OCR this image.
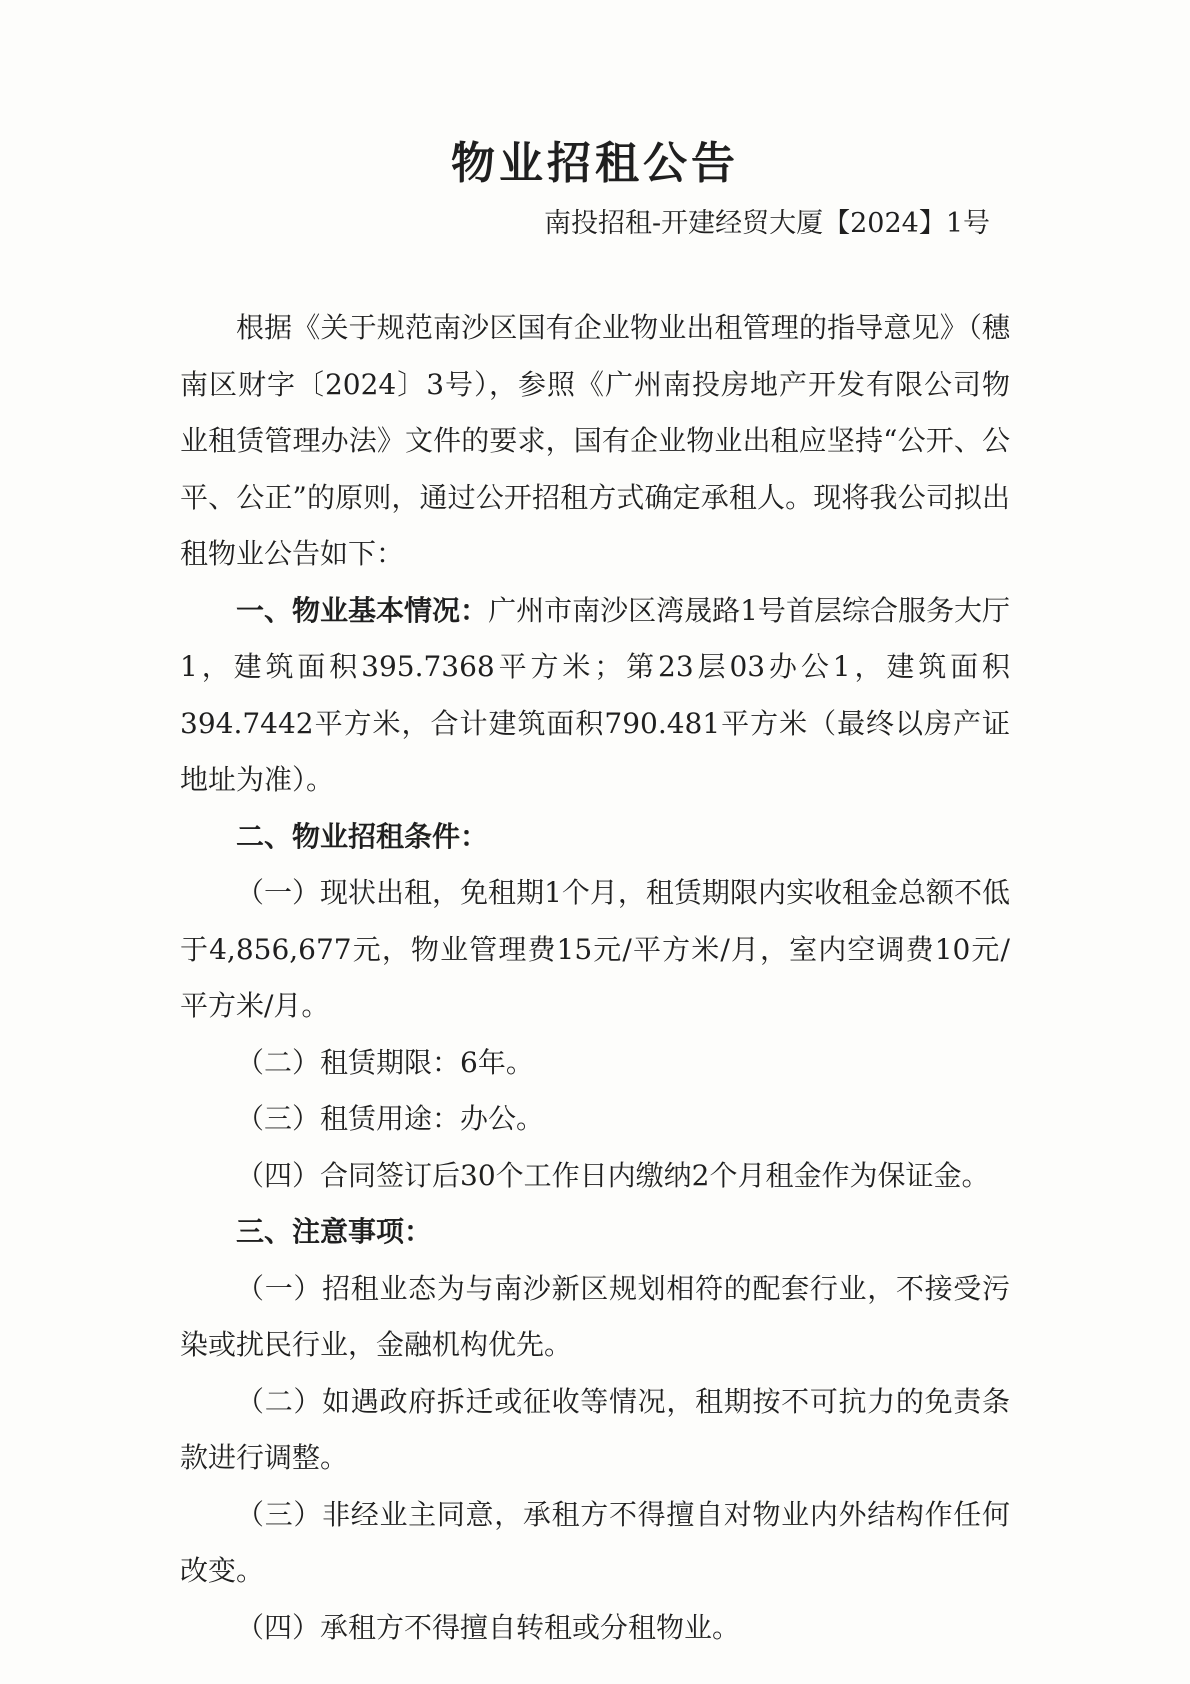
物业招租公告
南投招租-开建经贸大厦【2024】1号

根据《关于规范南沙区国有企业物业出租管理的指导意见》（穗南区财字〔2024〕3号），参照《广州南投房地产开发有限公司物业租赁管理办法》文件的要求，国有企业物业出租应坚持“公开、公平、公正”的原则，通过公开招租方式确定承租人。现将我公司拟出租物业公告如下：

一、物业基本情况：广州市南沙区湾晟路1号首层综合服务大厅1，建筑面积395.7368平方米；第23层03办公1，建筑面积394.7442平方米，合计建筑面积790.481平方米（最终以房产证地址为准）。

二、物业招租条件：

（一）现状出租，免租期1个月，租赁期限内实收租金总额不低于4,856,677元，物业管理费15元/平方米/月，室内空调费10元/平方米/月。

（二）租赁期限：6年。

（三）租赁用途：办公。

（四）合同签订后30个工作日内缴纳2个月租金作为保证金。

三、注意事项：

（一）招租业态为与南沙新区规划相符的配套行业，不接受污染或扰民行业，金融机构优先。

（二）如遇政府拆迁或征收等情况，租期按不可抗力的免责条款进行调整。

（三）非经业主同意，承租方不得擅自对物业内外结构作任何改变。

（四）承租方不得擅自转租或分租物业。
